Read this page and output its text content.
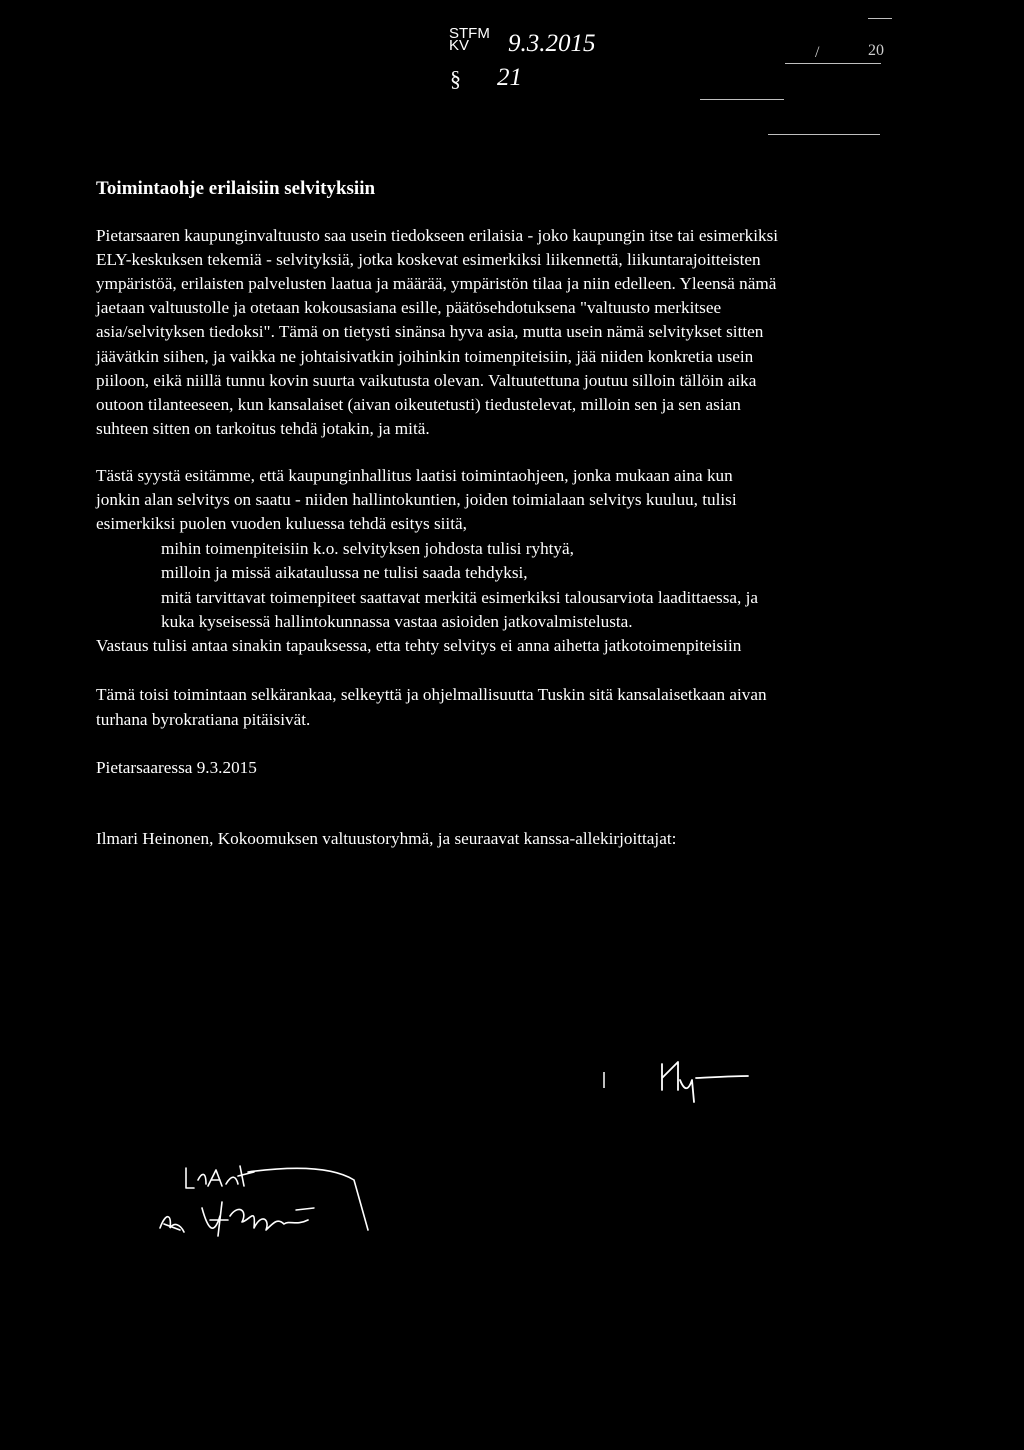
STFM
KV	9.3.2015
§ 21
/	20
Toimintaohje erilaisiin selvityksiin
Pietarsaaren kaupunginvaltuusto saa usein tiedokseen erilaisia - joko kaupungin itse tai esimerkiksi
ELY-keskuksen tekemiä - selvityksiä, jotka koskevat esimerkiksi liikennettä, liikuntarajoitteisten
ympäristöä, erilaisten palvelusten laatua ja määrää, ympäristön tilaa ja niin edelleen. Yleensä nämä
jaetaan valtuustolle ja otetaan kokousasiana esille, päätösehdotuksena "valtuusto merkitsee
asia/selvityksen tiedoksi". Tämä on tietysti sinänsa hyva asia, mutta usein nämä selvitykset sitten
jäävätkin siihen, ja vaikka ne johtaisivatkin joihinkin toimenpiteisiin, jää niiden konkretia usein
piiloon, eikä niillä tunnu kovin suurta vaikutusta olevan. Valtuutettuna joutuu silloin tällöin aika
outoon tilanteeseen, kun kansalaiset (aivan oikeutetusti) tiedustelevat, milloin sen ja sen asian
suhteen sitten on tarkoitus tehdä jotakin, ja mitä.
Tästä syystä esitämme, että kaupunginhallitus laatisi toimintaohjeen, jonka mukaan aina kun
jonkin alan selvitys on saatu - niiden hallintokuntien, joiden toimialaan selvitys kuuluu, tulisi
esimerkiksi puolen vuoden kuluessa tehdä esitys siitä,
mihin toimenpiteisiin k.o. selvityksen johdosta tulisi ryhtyä,
milloin ja missä aikataulussa ne tulisi saada tehdyksi,
mitä tarvittavat toimenpiteet saattavat merkitä esimerkiksi talousarviota laadittaessa, ja
kuka kyseisessä hallintokunnassa vastaa asioiden jatkovalmistelusta.
Vastaus tulisi antaa sinakin tapauksessa, etta tehty selvitys ei anna aihetta jatkotoimenpiteisiin
Tämä toisi toimintaan selkärankaa, selkeyttä ja ohjelmallisuutta Tuskin sitä kansalaisetkaan aivan
turhana byrokratiana pitäisivät.
Pietarsaaressa 9.3.2015
Ilmari Heinonen, Kokoomuksen valtuustoryhmä, ja seuraavat kanssa-allekirjoittajat:
